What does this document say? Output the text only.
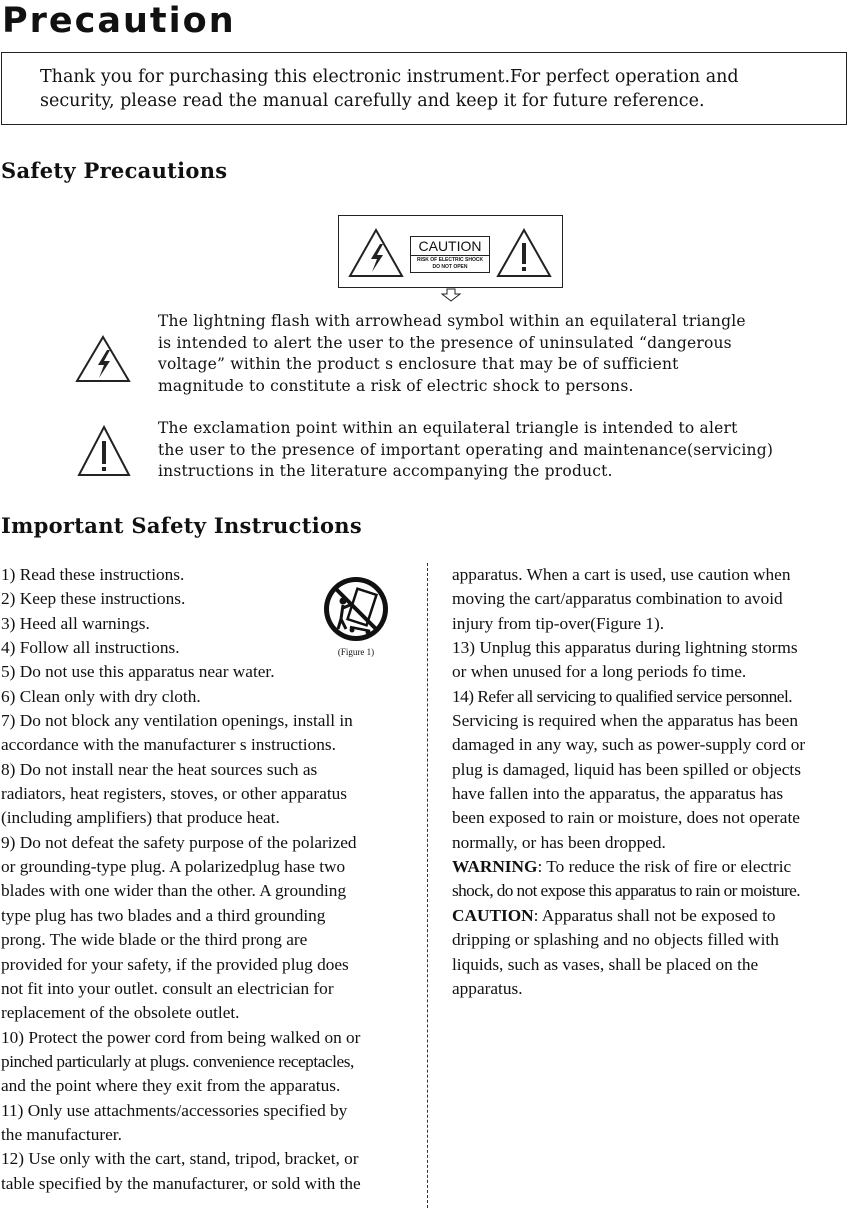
Precaution
Thank you for purchasing this electronic instrument.For perfect operation and
security, please read the manual carefully and keep it for future reference.
Safety Precautions
CAUTION
RISK OF ELECTRIC SHOCK
DO NOT OPEN
The lightning flash with arrowhead symbol within an equilateral triangle
is intended to alert the user to the presence of uninsulated “dangerous
voltage” within the product s enclosure that may be of sufficient
magnitude to constitute a risk of electric shock to persons.
The exclamation point within an equilateral triangle is intended to alert
the user to the presence of important operating and maintenance(servicing)
instructions in the literature accompanying the product.
Important Safety Instructions
1) Read these instructions.
2) Keep these instructions.
3) Heed all warnings.
4) Follow all instructions.
5) Do not use this apparatus near water.
6) Clean only with dry cloth.
7) Do not block any ventilation openings, install in
accordance with the manufacturer s instructions.
8) Do not install near the heat sources such as
radiators, heat registers, stoves, or other apparatus
(including amplifiers) that produce heat.
9) Do not defeat the safety purpose of the polarized
or grounding-type plug. A polarizedplug hase two
blades with one wider than the other. A grounding
type plug has two blades and a third grounding
prong. The wide blade or the third prong are
provided for your safety, if the provided plug does
not fit into your outlet. consult an electrician for
replacement of the obsolete outlet.
10) Protect the power cord from being walked on or
pinched particularly at plugs. convenience receptacles,
and the point where they exit from the apparatus.
11) Only use attachments/accessories specified by
the manufacturer.
12) Use only with the cart, stand, tripod, bracket, or
table specified by the manufacturer, or sold with the
(Figure 1)
apparatus. When a cart is used, use caution when
moving the cart/apparatus combination to avoid
injury from tip-over(Figure 1).
13) Unplug this apparatus during lightning storms
or when unused for a long periods fo time.
14) Refer all servicing to qualified service personnel.
Servicing is required when the apparatus has been
damaged in any way, such as power-supply cord or
plug is damaged, liquid has been spilled or objects
have fallen into the apparatus, the apparatus has
been exposed to rain or moisture, does not operate
normally, or has been dropped.
WARNING: To reduce the risk of fire or electric
shock, do not expose this apparatus to rain or moisture.
CAUTION: Apparatus shall not be exposed to
dripping or splashing and no objects filled with
liquids, such as vases, shall be placed on the
apparatus.
